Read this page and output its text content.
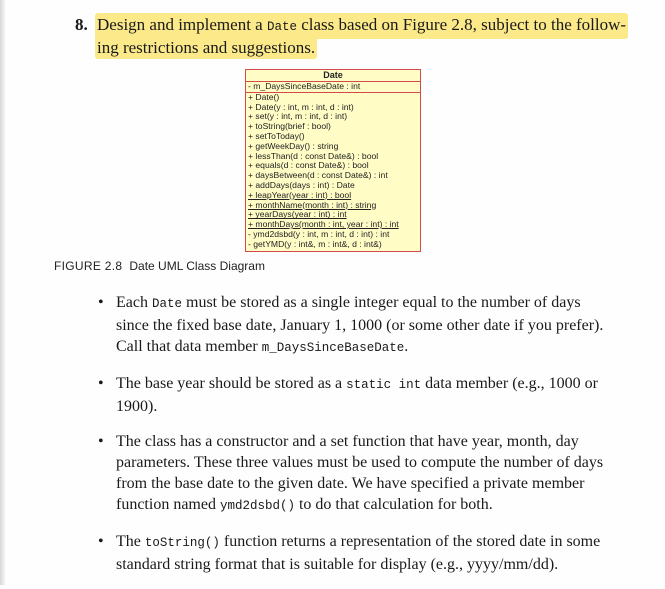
8. Design and implement a Date class based on Figure 2.8, subject to the follow-
ing restrictions and suggestions.
Date
- m_DaysSinceBaseDate : int
+ Date()
+ Date(y : int, m : int, d : int)
+ set(y : int, m : int, d : int)
+ toString(brief : bool)
+ setToToday()
+ getWeekDay() : string
+ lessThan(d : const Date&) : bool
+ equals(d : const Date&) : bool
+ daysBetween(d : const Date&) : int
+ addDays(days : int) : Date
+ leapYear(year : int) : bool
+ monthName(month : int) : string
+ yearDays(year : int) : int
+ monthDays(month : int, year : int) : int
- ymd2dsbd(y : int, m : int, d : int) : int
- getYMD(y : int&, m : int&, d : int&)
FIGURE 2.8 Date UML Class Diagram
• Each Date must be stored as a single integer equal to the number of days since the fixed base date, January 1, 1000 (or some other date if you prefer). Call that data member m_DaysSinceBaseDate.
• The base year should be stored as a static int data member (e.g., 1000 or 1900).
• The class has a constructor and a set function that have year, month, day parameters. These three values must be used to compute the number of days from the base date to the given date. We have specified a private member function named ymd2dsbd() to do that calculation for both.
• The toString() function returns a representation of the stored date in some standard string format that is suitable for display (e.g., yyyy/mm/dd).
